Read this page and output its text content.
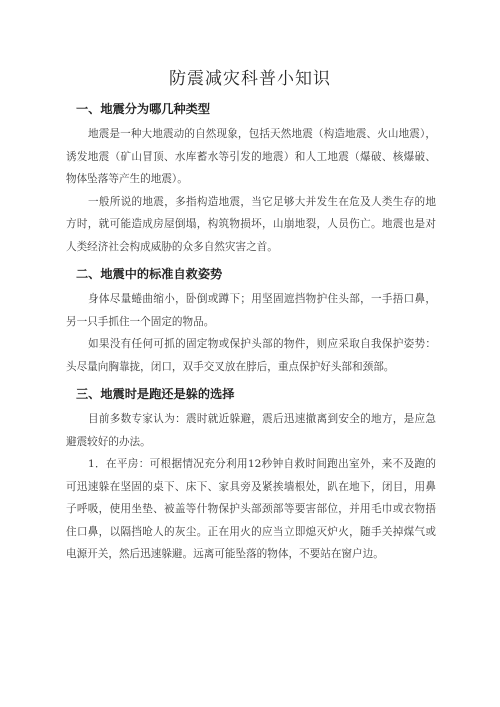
防震减灾科普小知识
一、地震分为哪几种类型

地震是一种大地震动的自然现象，包括天然地震（构造地震、火山地震），诱发地震（矿山冒顶、水库蓄水等引发的地震）和人工地震（爆破、核爆破、物体坠落等产生的地震）。

一般所说的地震，多指构造地震，当它足够大并发生在危及人类生存的地方时，就可能造成房屋倒塌，构筑物损坏，山崩地裂，人员伤亡。地震也是对人类经济社会构成威胁的众多自然灾害之首。

二、地震中的标准自救姿势

身体尽量蜷曲缩小，卧倒或蹲下；用坚固遮挡物护住头部，一手捂口鼻，另一只手抓住一个固定的物品。

如果没有任何可抓的固定物或保护头部的物件，则应采取自我保护姿势：头尽量向胸靠拢，闭口，双手交叉放在脖后，重点保护好头部和颈部。

三、地震时是跑还是躲的选择

目前多数专家认为：震时就近躲避，震后迅速撤离到安全的地方，是应急避震较好的办法。

1．在平房：可根据情况充分利用12秒钟自救时间跑出室外，来不及跑的可迅速躲在坚固的桌下、床下、家具旁及紧挨墙根处，趴在地下，闭目，用鼻子呼吸，使用坐垫、被盖等什物保护头部颈部等要害部位，并用毛巾或衣物捂住口鼻，以隔挡呛人的灰尘。正在用火的应当立即熄灭炉火，随手关掉煤气或电源开关，然后迅速躲避。远离可能坠落的物体，不要站在窗户边。
